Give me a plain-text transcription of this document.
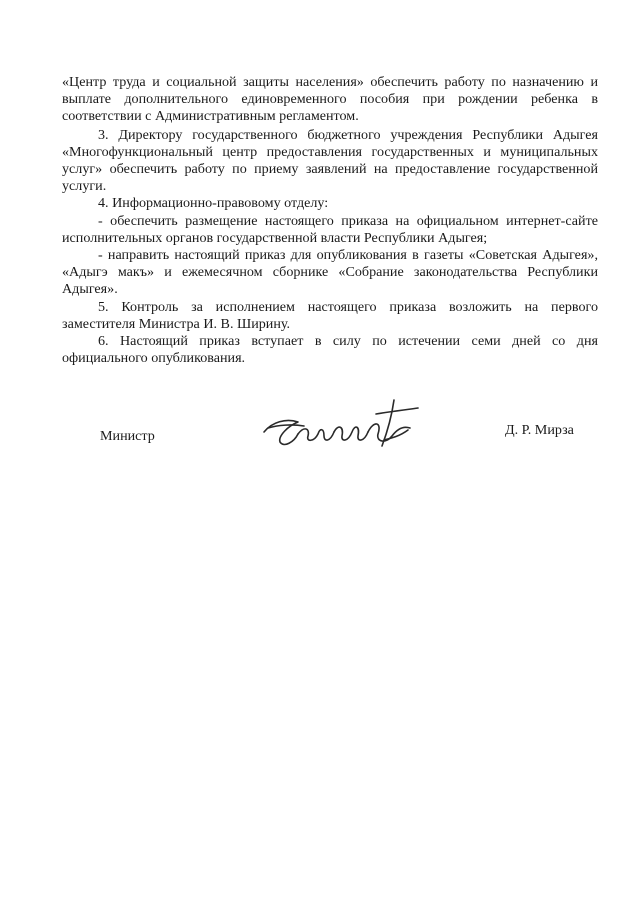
«Центр труда и социальной защиты населения» обеспечить работу по назначению и выплате дополнительного единовременного пособия при рождении ребенка в соответствии с Административным регламентом.

3. Директору государственного бюджетного учреждения Республики Адыгея «Многофункциональный центр предоставления государственных и муниципальных услуг» обеспечить работу по приему заявлений на предоставление государственной услуги.

4. Информационно-правовому отделу:

- обеспечить размещение настоящего приказа на официальном интернет-сайте исполнительных органов государственной власти Республики Адыгея;

- направить настоящий приказ для опубликования в газеты «Советская Адыгея», «Адыгэ макъ» и ежемесячном сборнике «Собрание законодательства Республики Адыгея».

5. Контроль за исполнением настоящего приказа возложить на первого заместителя Министра И. В. Ширину.

6. Настоящий приказ вступает в силу по истечении семи дней со дня официального опубликования.

Министр	Д. Р. Мирза
